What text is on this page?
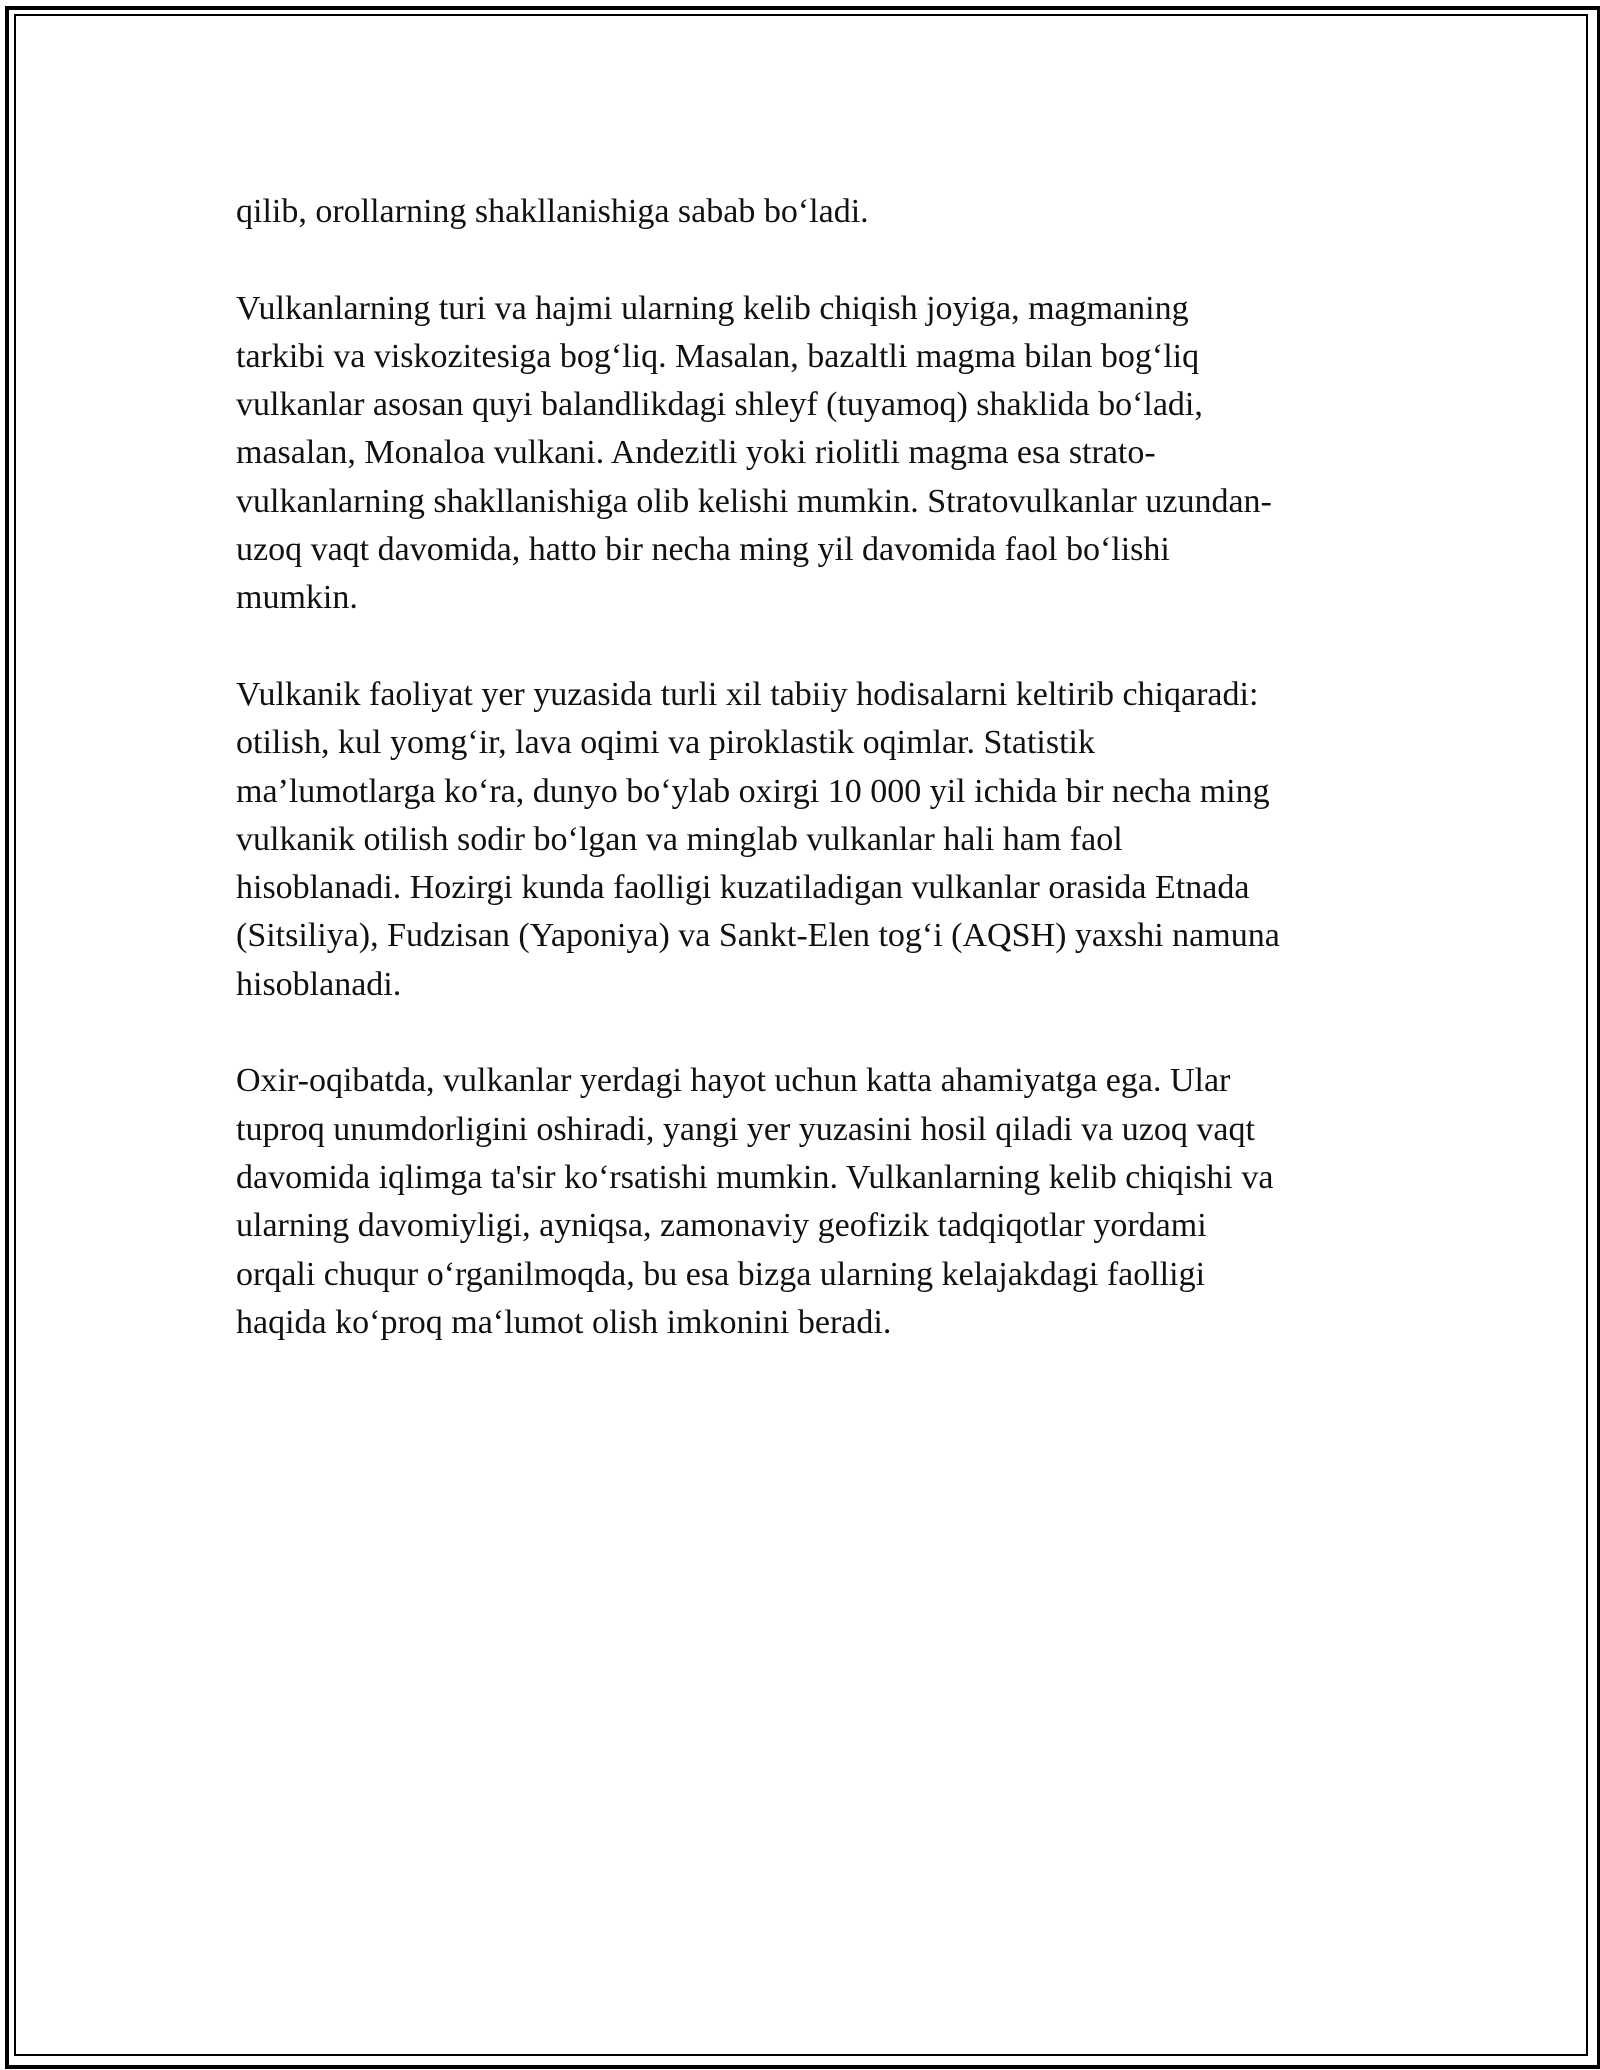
qilib, orollarning shakllanishiga sabab bo‘ladi.

Vulkanlarning turi va hajmi ularning kelib chiqish joyiga, magmaning
tarkibi va viskozitesiga bog‘liq. Masalan, bazaltli magma bilan bog‘liq
vulkanlar asosan quyi balandlikdagi shleyf (tuyamoq) shaklida bo‘ladi,
masalan, Monaloa vulkani. Andezitli yoki riolitli magma esa strato-
vulkanlarning shakllanishiga olib kelishi mumkin. Stratovulkanlar uzundan-
uzoq vaqt davomida, hatto bir necha ming yil davomida faol bo‘lishi
mumkin.

Vulkanik faoliyat yer yuzasida turli xil tabiiy hodisalarni keltirib chiqaradi:
otilish, kul yomg‘ir, lava oqimi va piroklastik oqimlar. Statistik
ma’lumotlarga ko‘ra, dunyo bo‘ylab oxirgi 10 000 yil ichida bir necha ming
vulkanik otilish sodir bo‘lgan va minglab vulkanlar hali ham faol
hisoblanadi. Hozirgi kunda faolligi kuzatiladigan vulkanlar orasida Etnada
(Sitsiliya), Fudzisan (Yaponiya) va Sankt-Elen tog‘i (AQSH) yaxshi namuna
hisoblanadi.

Oxir-oqibatda, vulkanlar yerdagi hayot uchun katta ahamiyatga ega. Ular
tuproq unumdorligini oshiradi, yangi yer yuzasini hosil qiladi va uzoq vaqt
davomida iqlimga ta'sir ko‘rsatishi mumkin. Vulkanlarning kelib chiqishi va
ularning davomiyligi, ayniqsa, zamonaviy geofizik tadqiqotlar yordami
orqali chuqur o‘rganilmoqda, bu esa bizga ularning kelajakdagi faolligi
haqida ko‘proq ma‘lumot olish imkonini beradi.
